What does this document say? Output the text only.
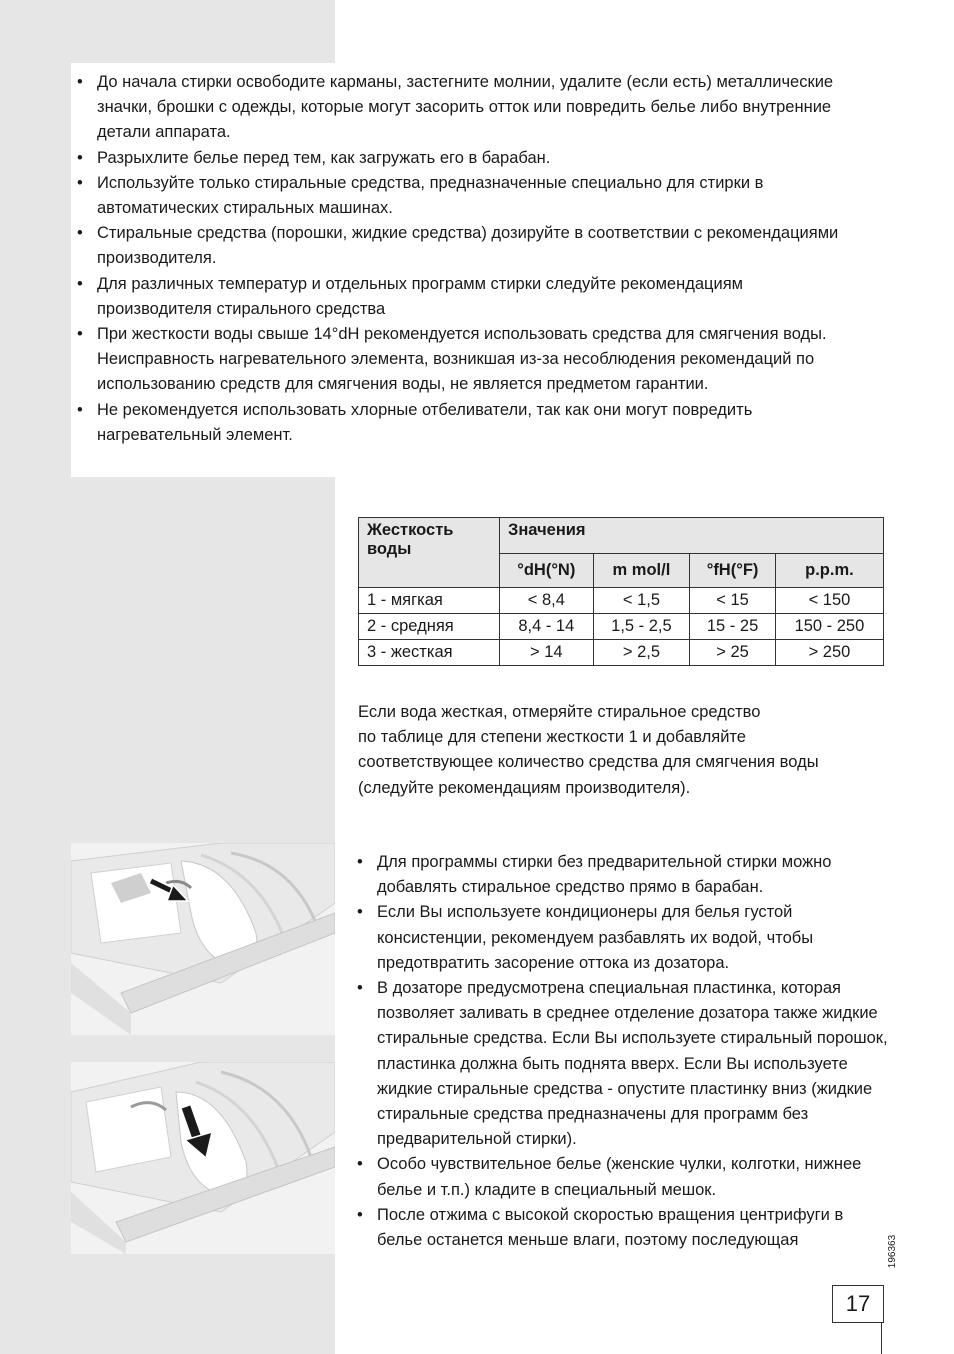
• До начала стирки освободите карманы, застегните молнии, удалите (если есть) металлические значки, брошки с одежды, которые могут засорить отток или повредить белье либо внутренние детали аппарата.
• Разрыхлите белье перед тем, как загружать его в барабан.
• Используйте только стиральные средства, предназначенные специально для стирки в автоматических стиральных машинах.
• Стиральные средства (порошки, жидкие средства) дозируйте в соответствии с рекомендациями производителя.
• Для различных температур и отдельных программ стирки следуйте рекомендациям производителя стирального средства
• При жесткости воды свыше 14°dH рекомендуется использовать средства для смягчения воды. Неисправность нагревательного элемента, возникшая из-за несоблюдения рекомендаций по использованию средств для смягчения воды, не является предметом гарантии.
• Не рекомендуется использовать хлорные отбеливатели, так как они могут повредить нагревательный элемент.
Жесткость воды	Значения			
	°dH(°N)	m mol/l	°fH(°F)	p.p.m.
1 - мягкая	< 8,4	< 1,5	< 15	< 150
2 - средняя	8,4 - 14	1,5 - 2,5	15 - 25	150 - 250
3 - жесткая	> 14	> 2,5	> 25	> 250
Если вода жесткая, отмеряйте стиральное средство
по таблице для степени жесткости 1 и добавляйте
соответствующее количество средства для смягчения воды
(следуйте рекомендациям производителя).
• Для программы стирки без предварительной стирки можно добавлять стиральное средство прямо в барабан.
• Если Вы используете кондиционеры для белья густой консистенции, рекомендуем разбавлять их водой, чтобы предотвратить засорение оттока из дозатора.
• В дозаторе предусмотрена специальная пластинка, которая позволяет заливать в среднее отделение дозатора также жидкие стиральные средства. Если Вы используете стиральный порошок, пластинка должна быть поднята вверх. Если Вы используете жидкие стиральные средства - опустите пластинку вниз (жидкие стиральные средства предназначены для программ без предварительной стирки).
• Особо чувствительное белье (женские чулки, колготки, нижнее белье и т.п.) кладите в специальный мешок.
• После отжима с высокой скоростью вращения центрифуги в белье останется меньше влаги, поэтому последующая	196363
17
